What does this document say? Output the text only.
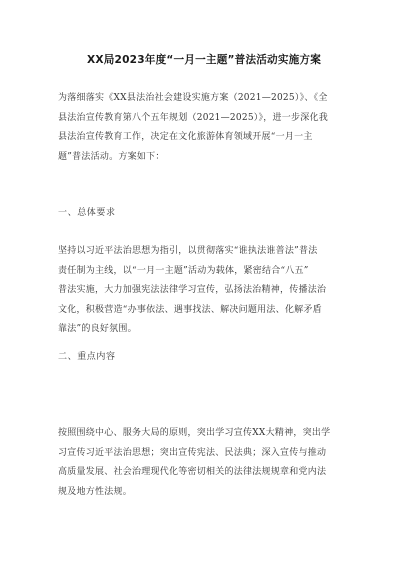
XX局2023年度“一月一主题”普法活动实施方案

为落细落实《XX县法治社会建设实施方案（2021—2025）》、《全
县法治宣传教育第八个五年规划（2021—2025）》，进一步深化我
县法治宣传教育工作，决定在文化旅游体育领域开展“一月一主
题”普法活动。方案如下：

一、总体要求

坚持以习近平法治思想为指引，以贯彻落实“谁执法谁普法”普法
责任制为主线，以“一月一主题”活动为载体，紧密结合“八五”
普法实施，大力加强宪法法律学习宣传，弘扬法治精神，传播法治
文化，积极营造“办事依法、遇事找法、解决问题用法、化解矛盾
靠法”的良好氛围。

二、重点内容

按照围绕中心、服务大局的原则，突出学习宣传XX大精神，突出学
习宣传习近平法治思想；突出宣传宪法、民法典；深入宣传与推动
高质量发展、社会治理现代化等密切相关的法律法规规章和党内法
规及地方性法规。
